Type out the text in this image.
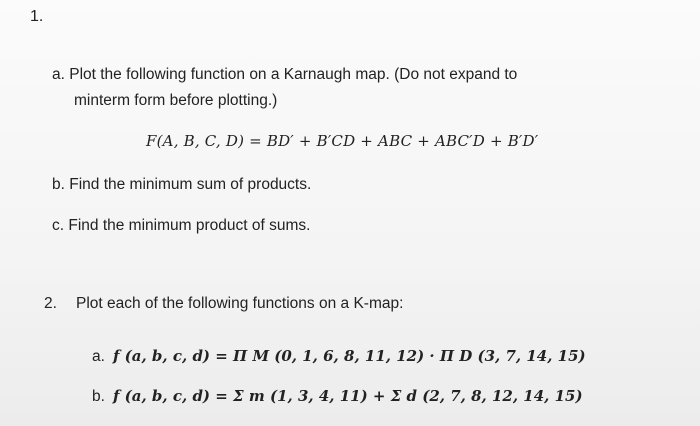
1.
a. Plot the following function on a Karnaugh map. (Do not expand to
minterm form before plotting.)
F(A, B, C, D) = BD′ + B′CD + ABC + ABC′D + B′D′
b. Find the minimum sum of products.
c. Find the minimum product of sums.
2. Plot each of the following functions on a K-map:
a. f (a, b, c, d) = Π M (0, 1, 6, 8, 11, 12) · Π D (3, 7, 14, 15)
b. f (a, b, c, d) = Σ m (1, 3, 4, 11) + Σ d (2, 7, 8, 12, 14, 15)
